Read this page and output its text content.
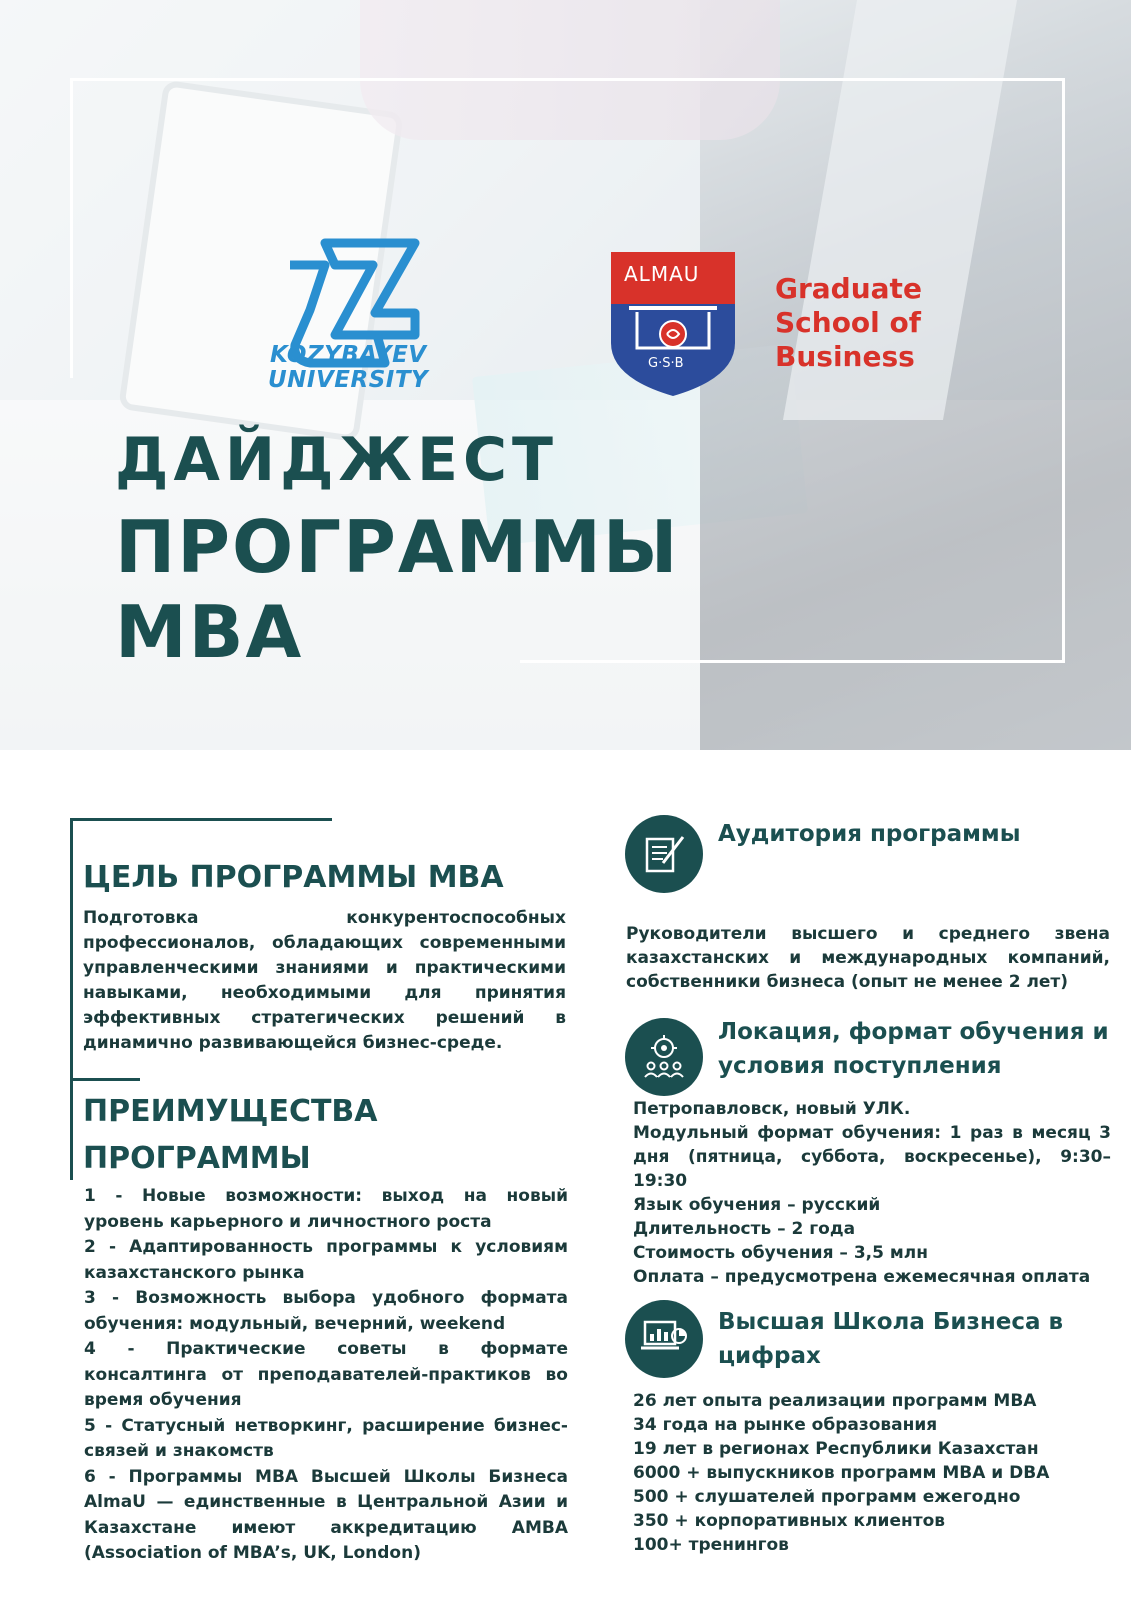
KOZYBAYEV
UNIVERSITY
ALMAU
G·S·B
Graduate
School of
Business
ДАЙДЖЕСТ
ПРОГРАММЫ
МВА
ЦЕЛЬ ПРОГРАММЫ МВА

Подготовка конкурентоспособных профессионалов, обладающих современными управленческими знаниями и практическими навыками, необходимыми для принятия эффективных стратегических решений в динамично развивающейся бизнес-среде.

ПРЕИМУЩЕСТВА
ПРОГРАММЫ
1 - Новые возможности: выход на новый уровень карьерного и личностного роста
2 - Адаптированность программы к условиям казахстанского рынка
3 - Возможность выбора удобного формата обучения: модульный, вечерний, weekend
4 - Практические советы в формате консалтинга от преподавателей-практиков во время обучения
5 - Статусный нетворкинг, расширение бизнес-связей и знакомств
6 - Программы МВА Высшей Школы Бизнеса AlmaU — единственные в Центральной Азии и Казахстане имеют аккредитацию АМВА (Association of MBA’s, UK, London)
Аудитория программы

Руководители высшего и среднего звена казахстанских и международных компаний, собственники бизнеса (опыт не менее 2 лет)

Локация, формат обучения и
условия поступления
Петропавловск, новый УЛК.
Модульный формат обучения: 1 раз в месяц 3 дня (пятница, суббота, воскресенье), 9:30–19:30
Язык обучения – русский
Длительность – 2 года
Стоимость обучения – 3,5 млн
Оплата – предусмотрена ежемесячная оплата
Высшая Школа Бизнеса в
цифрах
26 лет опыта реализации программ МВА
34 года на рынке образования
19 лет в регионах Республики Казахстан
6000 + выпускников программ МВА и DBA
500 + слушателей программ ежегодно
350 + корпоративных клиентов
100+ тренингов
